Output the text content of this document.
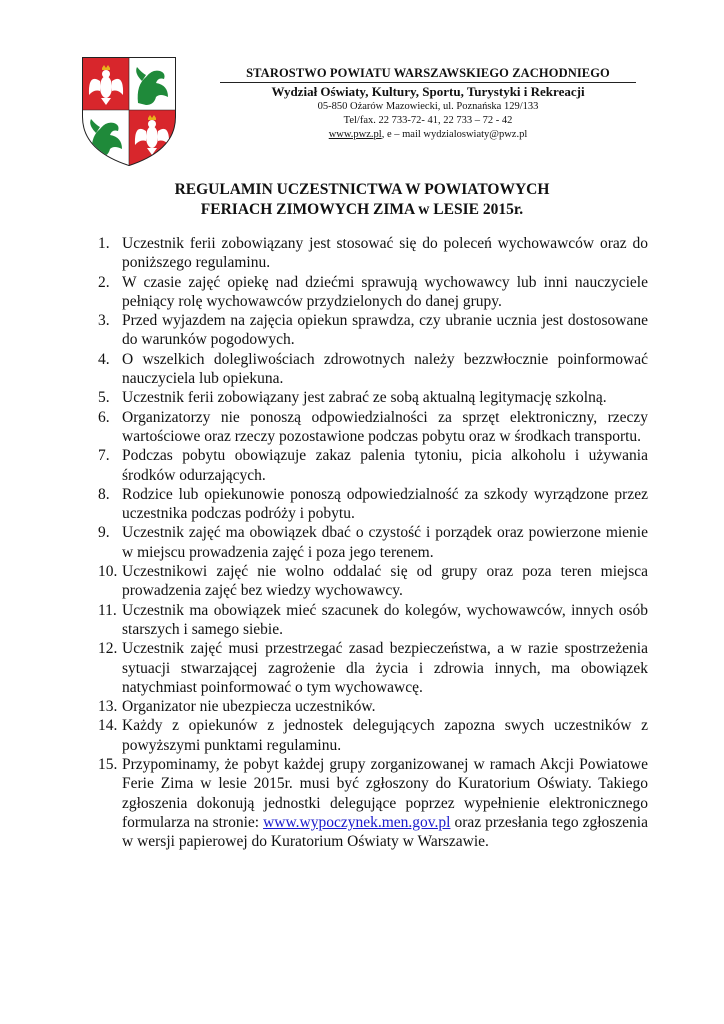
STAROSTWO POWIATU WARSZAWSKIEGO ZACHODNIEGO
Wydział Oświaty, Kultury, Sportu, Turystyki i Rekreacji
05-850 Ożarów Mazowiecki, ul. Poznańska 129/133
Tel/fax. 22 733-72- 41, 22 733 – 72 - 42
www.pwz.pl, e – mail wydzialoswiaty@pwz.pl
REGULAMIN UCZESTNICTWA W POWIATOWYCH
FERIACH ZIMOWYCH ZIMA w LESIE 2015r.
1. Uczestnik ferii zobowiązany jest stosować się do poleceń wychowawców oraz do poniższego regulaminu.
2. W czasie zajęć opiekę nad dziećmi sprawują wychowawcy lub inni nauczyciele pełniący rolę wychowawców przydzielonych do danej grupy.
3. Przed wyjazdem na zajęcia opiekun sprawdza, czy ubranie ucznia jest dostosowane do warunków pogodowych.
4. O wszelkich dolegliwościach zdrowotnych należy bezzwłocznie poinformować nauczyciela lub opiekuna.
5. Uczestnik ferii zobowiązany jest zabrać ze sobą aktualną legitymację szkolną.
6. Organizatorzy nie ponoszą odpowiedzialności za sprzęt elektroniczny, rzeczy wartościowe oraz rzeczy pozostawione podczas pobytu oraz w środkach transportu.
7. Podczas pobytu obowiązuje zakaz palenia tytoniu, picia alkoholu i używania środków odurzających.
8. Rodzice lub opiekunowie ponoszą odpowiedzialność za szkody wyrządzone przez uczestnika podczas podróży i pobytu.
9. Uczestnik zajęć ma obowiązek dbać o czystość i porządek oraz powierzone mienie w miejscu prowadzenia zajęć i poza jego terenem.
10. Uczestnikowi zajęć nie wolno oddalać się od grupy oraz poza teren miejsca prowadzenia zajęć bez wiedzy wychowawcy.
11. Uczestnik ma obowiązek mieć szacunek do kolegów, wychowawców, innych osób starszych i samego siebie.
12. Uczestnik zajęć musi przestrzegać zasad bezpieczeństwa, a w razie spostrzeżenia sytuacji stwarzającej zagrożenie dla życia i zdrowia innych, ma obowiązek natychmiast poinformować o tym wychowawcę.
13. Organizator nie ubezpiecza uczestników.
14. Każdy z opiekunów z jednostek delegujących zapozna swych uczestników z powyższymi punktami regulaminu.
15. Przypominamy, że pobyt każdej grupy zorganizowanej w ramach Akcji Powiatowe Ferie Zima w lesie 2015r. musi być zgłoszony do Kuratorium Oświaty. Takiego zgłoszenia dokonują jednostki delegujące poprzez wypełnienie elektronicznego formularza na stronie: www.wypoczynek.men.gov.pl oraz przesłania tego zgłoszenia w wersji papierowej do Kuratorium Oświaty w Warszawie.
